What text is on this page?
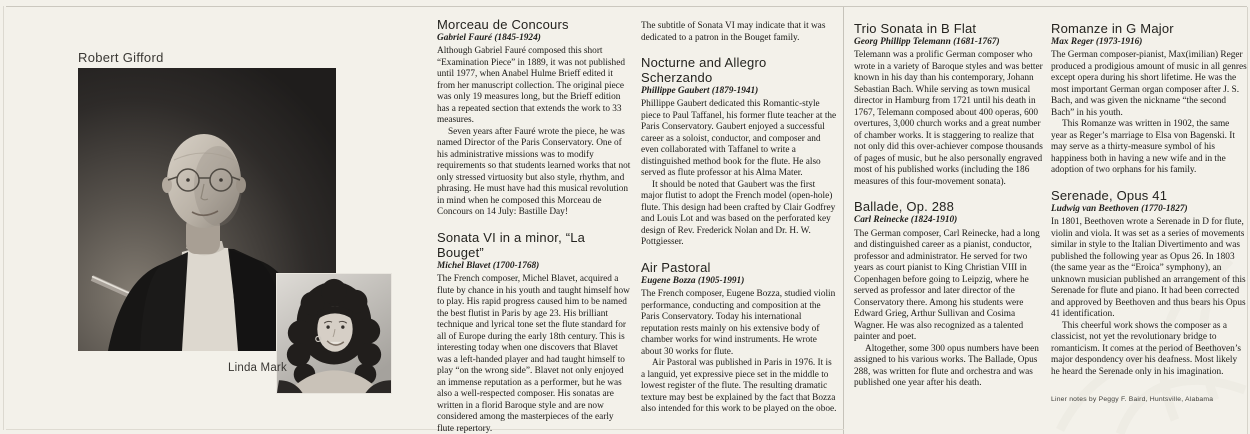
Robert Gifford
Linda Mark
Morceau de Concours

Gabriel Fauré (1845-1924)

Although Gabriel Fauré composed this short “Examination Piece” in 1889, it was not published until 1977, when Anabel Hulme Brieff edited it from her manuscript collection. The original piece was only 19 measures long, but the Brieff edition has a repeated section that extends the work to 33 measures.

Seven years after Fauré wrote the piece, he was named Director of the Paris Conservatory. One of his administrative missions was to modify requirements so that students learned works that not only stressed virtuosity but also style, rhythm, and phrasing. He must have had this musical revolution in mind when he composed this Morceau de Concours on 14 July: Bastille Day!

Sonata VI in a minor, “La Bouget”

Michel Blavet (1700-1768)

The French composer, Michel Blavet, acquired a flute by chance in his youth and taught himself how to play. His rapid progress caused him to be named the best flutist in Paris by age 23. His brilliant technique and lyrical tone set the flute standard for all of Europe during the early 18th century. This is interesting today when one discovers that Blavet was a left-handed player and had taught himself to play “on the wrong side”. Blavet not only enjoyed an immense reputation as a performer, but he was also a well-respected composer. His sonatas are written in a florid Baroque style and are now considered among the masterpieces of the early flute repertory.

The subtitle of Sonata VI may indicate that it was dedicated to a patron in the Bouget family.

Nocturne and Allegro Scherzando

Phillippe Gaubert (1879-1941)

Phillippe Gaubert dedicated this Romantic-style piece to Paul Taffanel, his former flute teacher at the Paris Conservatory. Gaubert enjoyed a successful career as a soloist, conductor, and composer and even collaborated with Taffanel to write a distinguished method book for the flute. He also served as flute professor at his Alma Mater.

It should be noted that Gaubert was the first major flutist to adopt the French model (open-hole) flute. This design had been crafted by Clair Godfrey and Louis Lot and was based on the perforated key design of Rev. Frederick Nolan and Dr. H. W. Pottgiesser.

Air Pastoral

Eugene Bozza (1905-1991)

The French composer, Eugene Bozza, studied violin performance, conducting and composition at the Paris Conservatory. Today his international reputation rests mainly on his extensive body of chamber works for wind instruments. He wrote about 30 works for flute.

Air Pastoral was published in Paris in 1976. It is a languid, yet expressive piece set in the middle to lowest register of the flute. The resulting dramatic texture may best be explained by the fact that Bozza also intended for this work to be played on the oboe.

Trio Sonata in B Flat

Georg Phillipp Telemann (1681-1767)

Telemann was a prolific German composer who wrote in a variety of Baroque styles and was better known in his day than his contemporary, Johann Sebastian Bach. While serving as town musical director in Hamburg from 1721 until his death in 1767, Telemann composed about 400 operas, 600 overtures, 3,000 church works and a great number of chamber works. It is staggering to realize that not only did this over-achiever compose thousands of pages of music, but he also personally engraved most of his published works (including the 186 measures of this four-movement sonata).

Ballade, Op. 288

Carl Reinecke (1824-1910)

The German composer, Carl Reinecke, had a long and distinguished career as a pianist, conductor, professor and administrator. He served for two years as court pianist to King Christian VIII in Copenhagen before going to Leipzig, where he served as professor and later director of the Conservatory there. Among his students were Edward Grieg, Arthur Sullivan and Cosima Wagner. He was also recognized as a talented painter and poet.

Altogether, some 300 opus numbers have been assigned to his various works. The Ballade, Opus 288, was written for flute and orchestra and was published one year after his death.

Romanze in G Major

Max Reger (1973-1916)

The German composer-pianist, Max(imilian) Reger produced a prodigious amount of music in all genres except opera during his short lifetime. He was the most important German organ composer after J. S. Bach, and was given the nickname “the second Bach” in his youth.

This Romanze was written in 1902, the same year as Reger’s marriage to Elsa von Bagenski. It may serve as a thirty-measure symbol of his happiness both in having a new wife and in the adoption of two orphans for his family.

Serenade, Opus 41

Ludwig van Beethoven (1770-1827)

In 1801, Beethoven wrote a Serenade in D for flute, violin and viola. It was set as a series of movements similar in style to the Italian Divertimento and was published the following year as Opus 26. In 1803 (the same year as the “Eroica” symphony), an unknown musician published an arrangement of this Serenade for flute and piano. It had been corrected and approved by Beethoven and thus bears his Opus 41 identification.

This cheerful work shows the composer as a classicist, not yet the revolutionary bridge to romanticism. It comes at the period of Beethoven’s major despondency over his deafness. Most likely he heard the Serenade only in his imagination.

Liner notes by Peggy F. Baird, Huntsville, Alabama
